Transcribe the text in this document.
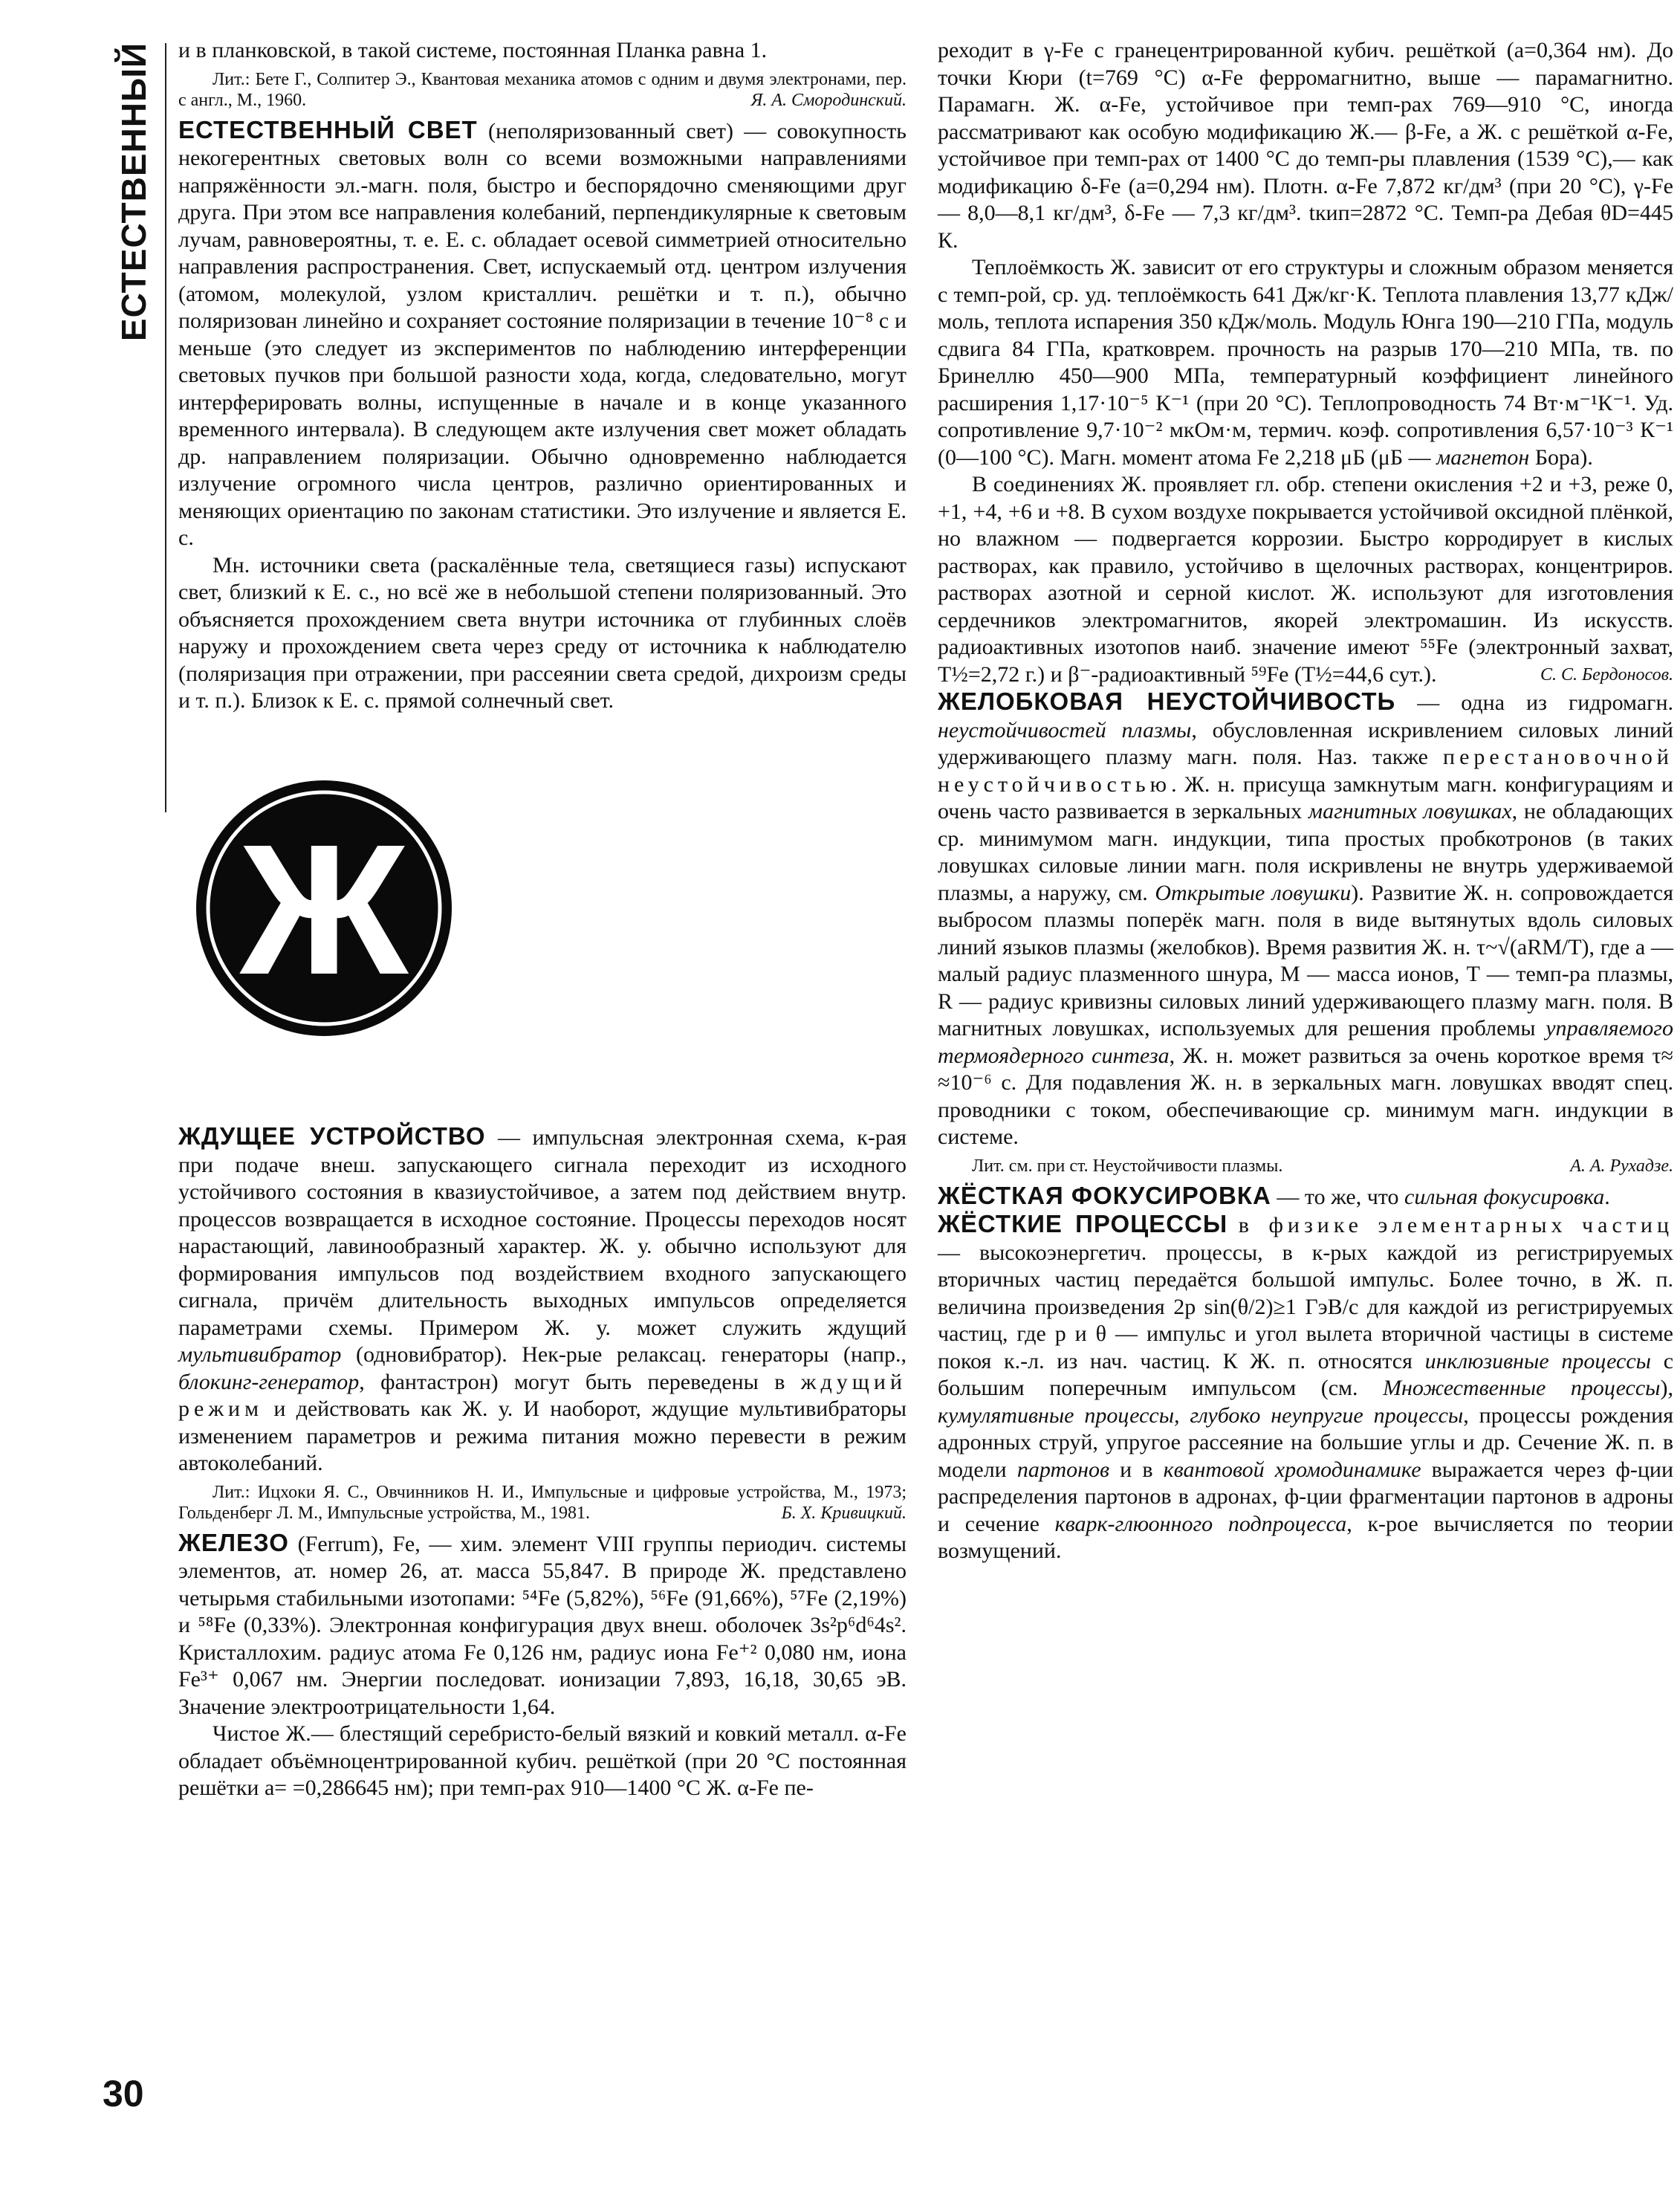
ЕСТЕСТВЕННЫЙ
30

и в планковской, в такой системе, постоянная Планка равна 1.

Лит.: Бете Г., Солпитер Э., Квантовая механика атомов с одним и двумя электронами, пер. с англ., М., 1960.	Я. А. Смородинский.

ЕСТЕСТВЕННЫЙ СВЕТ (неполяризованный свет) — совокупность некогерентных световых волн со всеми возможными направлениями напряжённости эл.-магн. поля, быстро и беспорядочно сменяющими друг друга. При этом все направления колебаний, перпендикулярные к световым лучам, равновероятны, т. е. Е. с. обладает осевой симметрией относительно направления распространения. Свет, испускаемый отд. центром излучения (атомом, молекулой, узлом кристаллич. решётки и т. п.), обычно поляризован линейно и сохраняет состояние поляризации в течение 10⁻⁸ с и меньше (это следует из экспериментов по наблюдению интерференции световых пучков при большой разности хода, когда, следовательно, могут интерферировать волны, испущенные в начале и в конце указанного временного интервала). В следующем акте излучения свет может обладать др. направлением поляризации. Обычно одновременно наблюдается излучение огромного числа центров, различно ориентированных и меняющих ориентацию по законам статистики. Это излучение и является Е. с.

Мн. источники света (раскалённые тела, светящиеся газы) испускают свет, близкий к Е. с., но всё же в небольшой степени поляризованный. Это объясняется прохождением света внутри источника от глубинных слоёв наружу и прохождением света через среду от источника к наблюдателю (поляризация при отражении, при рассеянии света средой, дихроизм среды и т. п.). Близок к Е. с. прямой солнечный свет.

Ж

ЖДУЩЕЕ УСТРОЙСТВО — импульсная электронная схема, к-рая при подаче внеш. запускающего сигнала переходит из исходного устойчивого состояния в квазиустойчивое, а затем под действием внутр. процессов возвращается в исходное состояние. Процессы переходов носят нарастающий, лавинообразный характер. Ж. у. обычно используют для формирования импульсов под воздействием входного запускающего сигнала, причём длительность выходных импульсов определяется параметрами схемы. Примером Ж. у. может служить ждущий мультивибратор (одновибратор). Нек-рые релаксац. генераторы (напр., блокинг-генератор, фантастрон) могут быть переведены в ждущий режим и действовать как Ж. у. И наоборот, ждущие мультивибраторы изменением параметров и режима питания можно перевести в режим автоколебаний.

Лит.: Ицхоки Я. С., Овчинников Н. И., Импульсные и цифровые устройства, М., 1973; Гольденберг Л. М., Импульсные устройства, М., 1981.	Б. Х. Кривицкий.

ЖЕЛЕЗО (Ferrum), Fe, — хим. элемент VIII группы периодич. системы элементов, ат. номер 26, ат. масса 55,847. В природе Ж. представлено четырьмя стабильными изотопами: ⁵⁴Fe (5,82%), ⁵⁶Fe (91,66%), ⁵⁷Fe (2,19%) и ⁵⁸Fe (0,33%). Электронная конфигурация двух внеш. оболочек 3s²p⁶d⁶4s². Кристаллохим. радиус атома Fe 0,126 нм, радиус иона Fe⁺² 0,080 нм, иона Fe³⁺ 0,067 нм. Энергии последоват. ионизации 7,893, 16,18, 30,65 эВ. Значение электроотрицательности 1,64.

Чистое Ж.— блестящий серебристо-белый вязкий и ковкий металл. α-Fe обладает объёмноцентрированной кубич. решёткой (при 20 °С постоянная решётки a= =0,286645 нм); при темп-рах 910—1400 °С Ж. α-Fe пе-

реходит в γ-Fe с гранецентрированной кубич. решёткой (a=0,364 нм). До точки Кюри (t=769 °С) α-Fe ферромагнитно, выше — парамагнитно. Парамагн. Ж. α-Fe, устойчивое при темп-рах 769—910 °С, иногда рассматривают как особую модификацию Ж.— β-Fe, а Ж. с решёткой α-Fe, устойчивое при темп-рах от 1400 °С до темп-ры плавления (1539 °С),— как модификацию δ-Fe (a=0,294 нм). Плотн. α-Fe 7,872 кг/дм³ (при 20 °С), γ-Fe — 8,0—8,1 кг/дм³, δ-Fe — 7,3 кг/дм³. tкип=2872 °С. Темп-ра Дебая θD=445 К.

Теплоёмкость Ж. зависит от его структуры и сложным образом меняется с темп-рой, ср. уд. теплоёмкость 641 Дж/кг·К. Теплота плавления 13,77 кДж/моль, теплота испарения 350 кДж/моль. Модуль Юнга 190—210 ГПа, модуль сдвига 84 ГПа, кратковрем. прочность на разрыв 170—210 МПа, тв. по Бринеллю 450—900 МПа, температурный коэффициент линейного расширения 1,17·10⁻⁵ К⁻¹ (при 20 °С). Теплопроводность 74 Вт·м⁻¹К⁻¹. Уд. сопротивление 9,7·10⁻² мкОм·м, термич. коэф. сопротивления 6,57·10⁻³ К⁻¹ (0—100 °С). Магн. момент атома Fe 2,218 μБ (μБ — магнетон Бора).

В соединениях Ж. проявляет гл. обр. степени окисления +2 и +3, реже 0, +1, +4, +6 и +8. В сухом воздухе покрывается устойчивой оксидной плёнкой, но влажном — подвергается коррозии. Быстро корродирует в кислых растворах, как правило, устойчиво в щелочных растворах, концентриров. растворах азотной и серной кислот. Ж. используют для изготовления сердечников электромагнитов, якорей электромашин. Из искусств. радиоактивных изотопов наиб. значение имеют ⁵⁵Fe (электронный захват, T½=2,72 г.) и β⁻-радиоактивный ⁵⁹Fe (T½=44,6 сут.).	С. С. Бердоносов.

ЖЕЛОБКОВАЯ НЕУСТОЙЧИВОСТЬ — одна из гидромагн. неустойчивостей плазмы, обусловленная искривлением силовых линий удерживающего плазму магн. поля. Наз. также перестановочной неустойчивостью. Ж. н. присуща замкнутым магн. конфигурациям и очень часто развивается в зеркальных магнитных ловушках, не обладающих ср. минимумом магн. индукции, типа простых пробкотронов (в таких ловушках силовые линии магн. поля искривлены не внутрь удерживаемой плазмы, а наружу, см. Открытые ловушки). Развитие Ж. н. сопровождается выбросом плазмы поперёк магн. поля в виде вытянутых вдоль силовых линий языков плазмы (желобков). Время развития Ж. н. τ~√(aRM/T), где a — малый радиус плазменного шнура, M — масса ионов, T — темп-ра плазмы, R — радиус кривизны силовых линий удерживающего плазму магн. поля. В магнитных ловушках, используемых для решения проблемы управляемого термоядерного синтеза, Ж. н. может развиться за очень короткое время τ≈ ≈10⁻⁶ с. Для подавления Ж. н. в зеркальных магн. ловушках вводят спец. проводники с током, обеспечивающие ср. минимум магн. индукции в системе.

Лит. см. при ст. Неустойчивости плазмы.	А. А. Рухадзе.

ЖЁСТКАЯ ФОКУСИРОВКА — то же, что сильная фокусировка.

ЖЁСТКИЕ ПРОЦЕССЫ в физике элементарных частиц — высокоэнергетич. процессы, в к-рых каждой из регистрируемых вторичных частиц передаётся большой импульс. Более точно, в Ж. п. величина произведения 2p sin(θ/2)≥1 ГэВ/c для каждой из регистрируемых частиц, где p и θ — импульс и угол вылета вторичной частицы в системе покоя к.-л. из нач. частиц. К Ж. п. относятся инклюзивные процессы с большим поперечным импульсом (см. Множественные процессы), кумулятивные процессы, глубоко неупругие процессы, процессы рождения адронных струй, упругое рассеяние на большие углы и др. Сечение Ж. п. в модели партонов и в квантовой хромодинамике выражается через ф-ции распределения партонов в адронах, ф-ции фрагментации партонов в адроны и сечение кварк-глюонного подпроцесса, к-рое вычисляется по теории возмущений.
